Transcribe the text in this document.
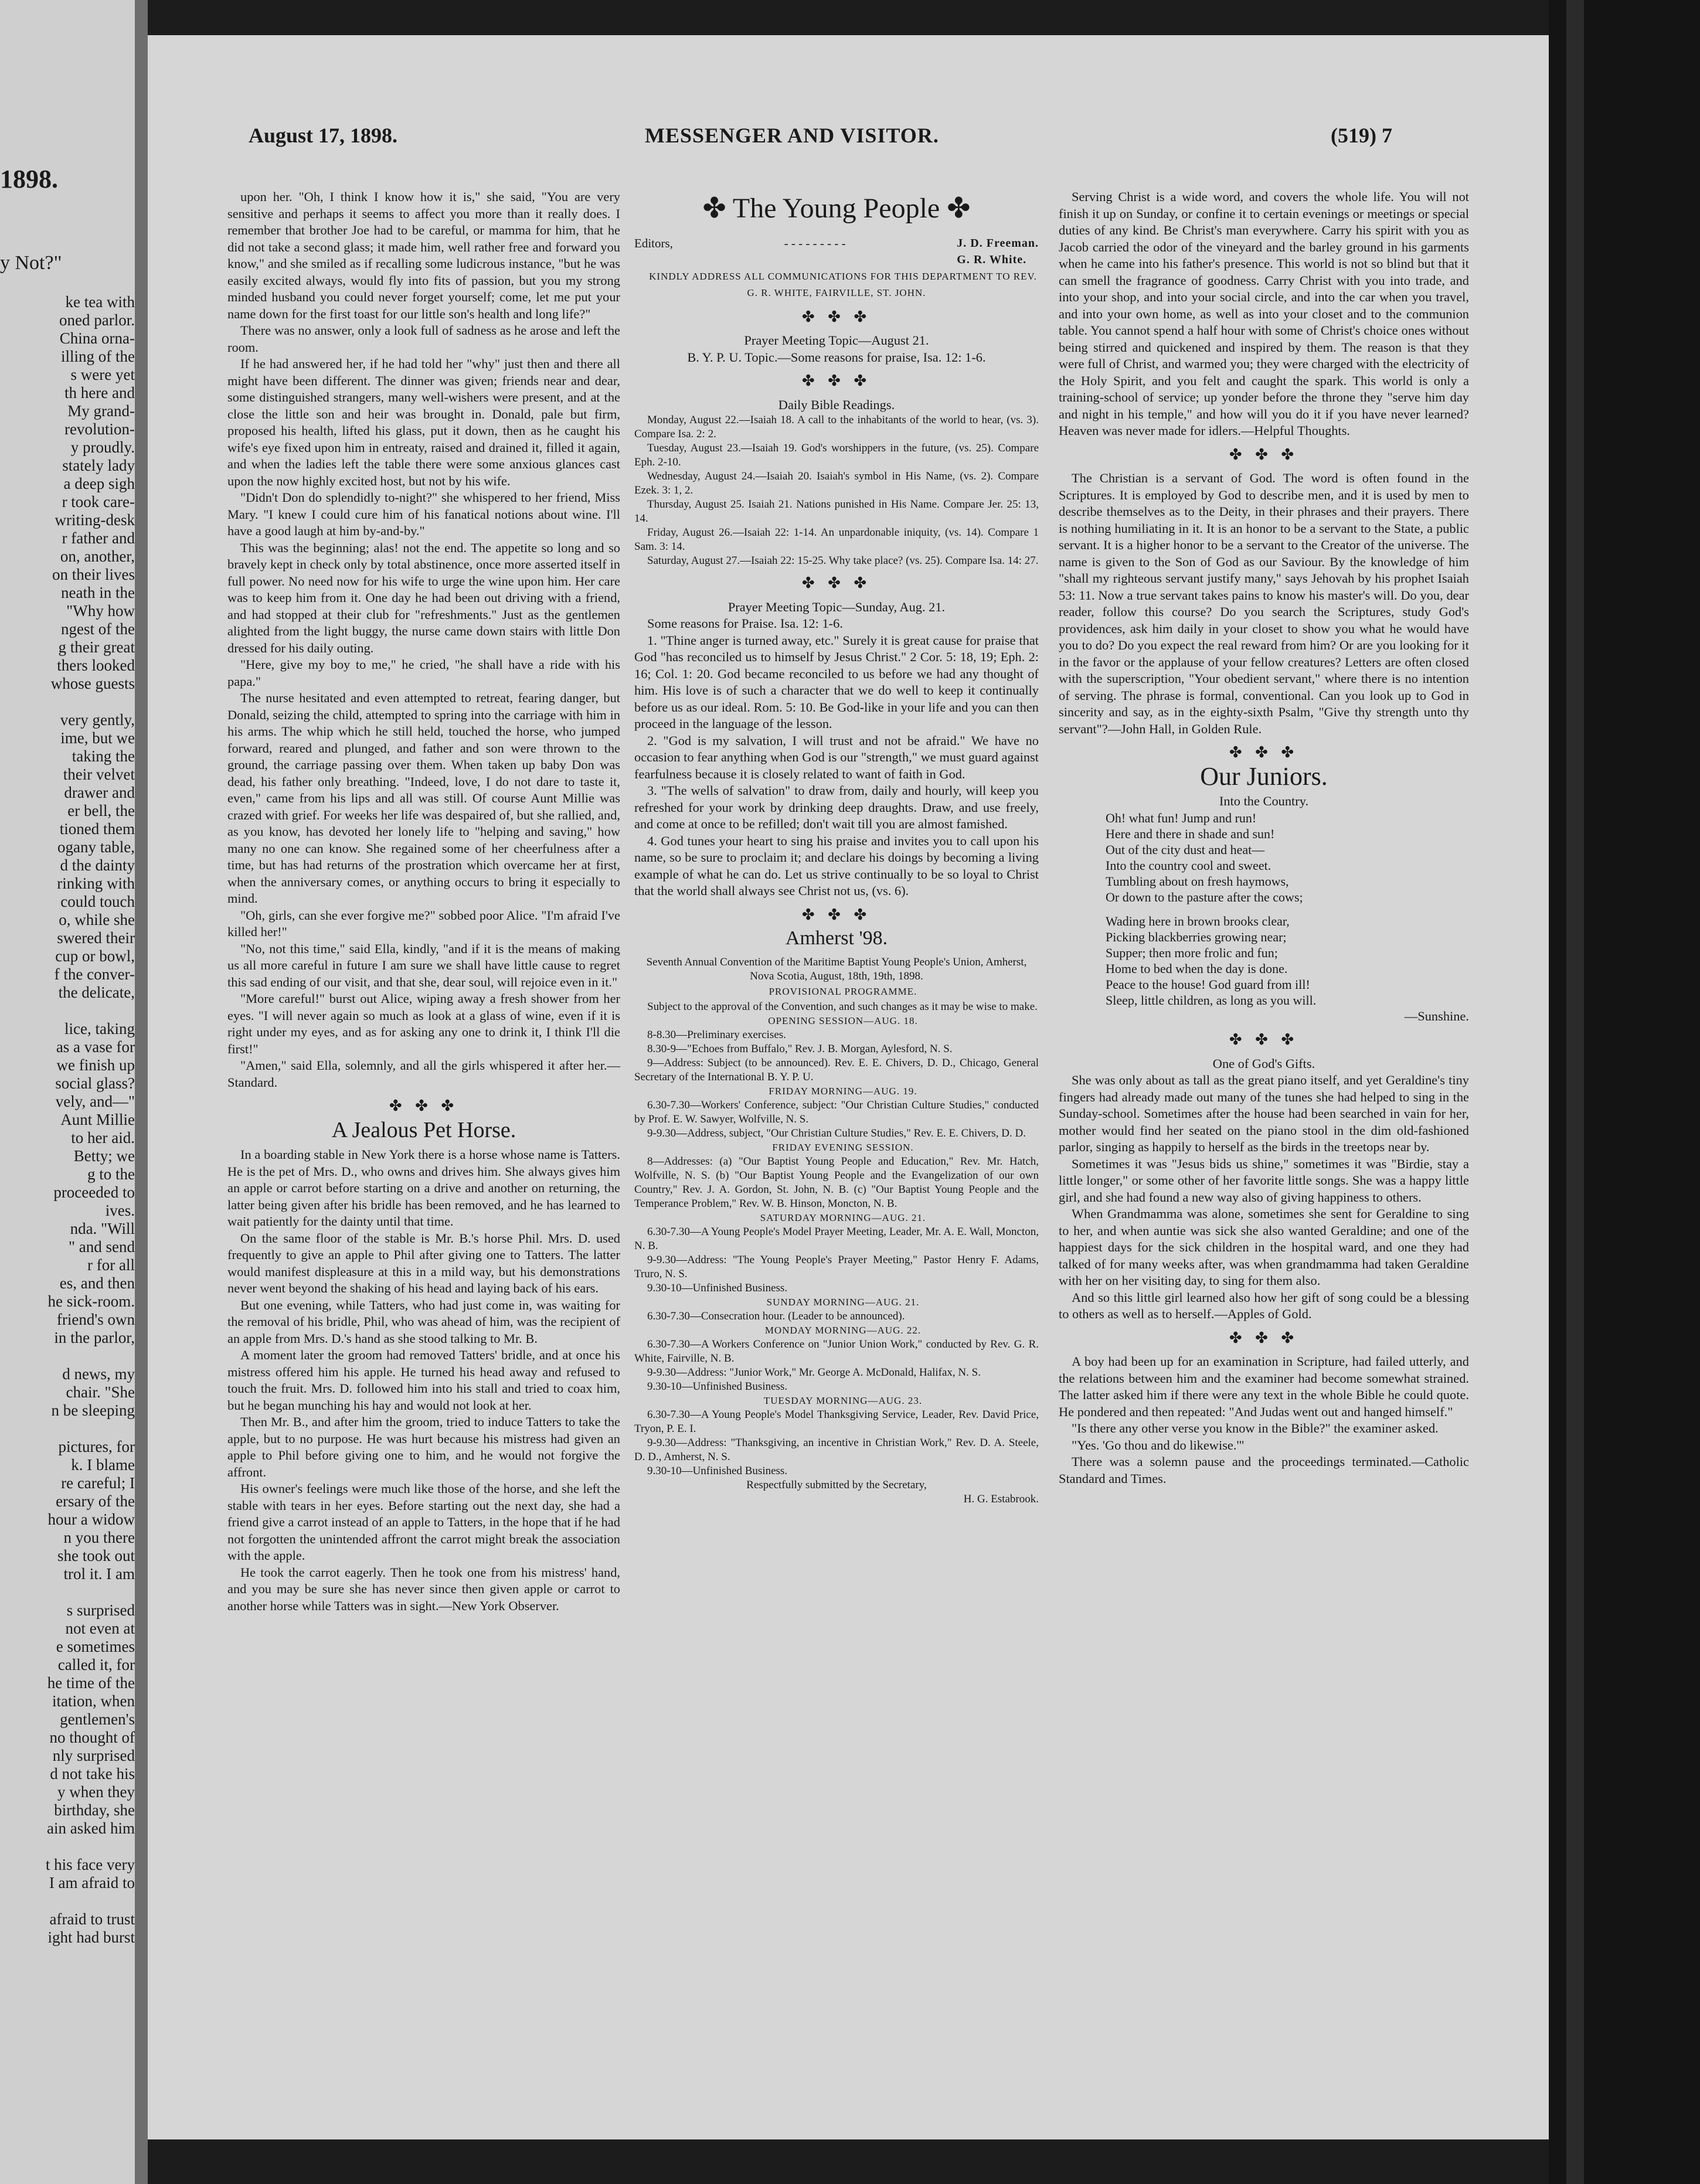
1898.
y Not?"
ke tea with
oned parlor.
China orna-
illing of the
s were yet
th here and
My grand-
revolution-
y proudly.
stately lady
a deep sigh
r took care-
writing-desk
r father and
on, another,
on their lives
neath in the
"Why how
ngest of the
g their great
thers looked
whose guests

very gently,
ime, but we
taking the
their velvet
drawer and
er bell, the
tioned them
ogany table,
d the dainty
rinking with
could touch
o, while she
swered their
cup or bowl,
f the conver-
the delicate,

lice, taking
as a vase for
we finish up
social glass?
vely, and—"
Aunt Millie
to her aid.
Betty; we
g to the
proceeded to
ives.
nda. "Will
" and send
r for all
es, and then
he sick-room.
friend's own
in the parlor,

d news, my
chair. "She
n be sleeping

pictures, for
k. I blame
re careful; I
ersary of the
hour a widow
n you there
she took out
trol it. I am

s surprised
not even at
e sometimes
called it, for
he time of the
itation, when
gentlemen's
no thought of
nly surprised
d not take his
y when they
birthday, she
ain asked him

t his face very
I am afraid to

afraid to trust
ight had burst
August 17, 1898.	MESSENGER AND VISITOR.	(519) 7

upon her. "Oh, I think I know how it is," she said, "You are very sensitive and perhaps it seems to affect you more than it really does. I remember that brother Joe had to be careful, or mamma for him, that he did not take a second glass; it made him, well rather free and forward you know," and she smiled as if recalling some ludicrous instance, "but he was easily excited always, would fly into fits of passion, but you my strong minded husband you could never forget yourself; come, let me put your name down for the first toast for our little son's health and long life?"

There was no answer, only a look full of sadness as he arose and left the room.

If he had answered her, if he had told her "why" just then and there all might have been different. The dinner was given; friends near and dear, some distinguished strangers, many well-wishers were present, and at the close the little son and heir was brought in. Donald, pale but firm, proposed his health, lifted his glass, put it down, then as he caught his wife's eye fixed upon him in entreaty, raised and drained it, filled it again, and when the ladies left the table there were some anxious glances cast upon the now highly excited host, but not by his wife.

"Didn't Don do splendidly to-night?" she whispered to her friend, Miss Mary. "I knew I could cure him of his fanatical notions about wine. I'll have a good laugh at him by-and-by."

This was the beginning; alas! not the end. The appetite so long and so bravely kept in check only by total abstinence, once more asserted itself in full power. No need now for his wife to urge the wine upon him. Her care was to keep him from it. One day he had been out driving with a friend, and had stopped at their club for "refreshments." Just as the gentlemen alighted from the light buggy, the nurse came down stairs with little Don dressed for his daily outing.

"Here, give my boy to me," he cried, "he shall have a ride with his papa."

The nurse hesitated and even attempted to retreat, fearing danger, but Donald, seizing the child, attempted to spring into the carriage with him in his arms. The whip which he still held, touched the horse, who jumped forward, reared and plunged, and father and son were thrown to the ground, the carriage passing over them. When taken up baby Don was dead, his father only breathing. "Indeed, love, I do not dare to taste it, even," came from his lips and all was still. Of course Aunt Millie was crazed with grief. For weeks her life was despaired of, but she rallied, and, as you know, has devoted her lonely life to "helping and saving," how many no one can know. She regained some of her cheerfulness after a time, but has had returns of the prostration which overcame her at first, when the anniversary comes, or anything occurs to bring it especially to mind.

"Oh, girls, can she ever forgive me?" sobbed poor Alice. "I'm afraid I've killed her!"

"No, not this time," said Ella, kindly, "and if it is the means of making us all more careful in future I am sure we shall have little cause to regret this sad ending of our visit, and that she, dear soul, will rejoice even in it."

"More careful!" burst out Alice, wiping away a fresh shower from her eyes. "I will never again so much as look at a glass of wine, even if it is right under my eyes, and as for asking any one to drink it, I think I'll die first!"

"Amen," said Ella, solemnly, and all the girls whispered it after her.—Standard.

✤ ✤ ✤
A Jealous Pet Horse.

In a boarding stable in New York there is a horse whose name is Tatters. He is the pet of Mrs. D., who owns and drives him. She always gives him an apple or carrot before starting on a drive and another on returning, the latter being given after his bridle has been removed, and he has learned to wait patiently for the dainty until that time.

On the same floor of the stable is Mr. B.'s horse Phil. Mrs. D. used frequently to give an apple to Phil after giving one to Tatters. The latter would manifest displeasure at this in a mild way, but his demonstrations never went beyond the shaking of his head and laying back of his ears.

But one evening, while Tatters, who had just come in, was waiting for the removal of his bridle, Phil, who was ahead of him, was the recipient of an apple from Mrs. D.'s hand as she stood talking to Mr. B.

A moment later the groom had removed Tatters' bridle, and at once his mistress offered him his apple. He turned his head away and refused to touch the fruit. Mrs. D. followed him into his stall and tried to coax him, but he began munching his hay and would not look at her.

Then Mr. B., and after him the groom, tried to induce Tatters to take the apple, but to no purpose. He was hurt because his mistress had given an apple to Phil before giving one to him, and he would not forgive the affront.

His owner's feelings were much like those of the horse, and she left the stable with tears in her eyes. Before starting out the next day, she had a friend give a carrot instead of an apple to Tatters, in the hope that if he had not forgotten the unintended affront the carrot might break the association with the apple.

He took the carrot eagerly. Then he took one from his mistress' hand, and you may be sure she has never since then given apple or carrot to another horse while Tatters was in sight.—New York Observer.

✤ The Young People ✤
Editors,	- - - - - - - - -	J. D. Freeman.
G. R. White.

KINDLY ADDRESS ALL COMMUNICATIONS FOR THIS DEPARTMENT TO REV. G. R. WHITE, FAIRVILLE, ST. JOHN.

✤ ✤ ✤

Prayer Meeting Topic—August 21.

B. Y. P. U. Topic.—Some reasons for praise, Isa. 12: 1-6.

✤ ✤ ✤

Daily Bible Readings.

Monday, August 22.—Isaiah 18. A call to the inhabitants of the world to hear, (vs. 3). Compare Isa. 2: 2.

Tuesday, August 23.—Isaiah 19. God's worshippers in the future, (vs. 25). Compare Eph. 2-10.

Wednesday, August 24.—Isaiah 20. Isaiah's symbol in His Name, (vs. 2). Compare Ezek. 3: 1, 2.

Thursday, August 25. Isaiah 21. Nations punished in His Name. Compare Jer. 25: 13, 14.

Friday, August 26.—Isaiah 22: 1-14. An unpardonable iniquity, (vs. 14). Compare 1 Sam. 3: 14.

Saturday, August 27.—Isaiah 22: 15-25. Why take place? (vs. 25). Compare Isa. 14: 27.

✤ ✤ ✤

Prayer Meeting Topic—Sunday, Aug. 21.

Some reasons for Praise. Isa. 12: 1-6.

1. "Thine anger is turned away, etc." Surely it is great cause for praise that God "has reconciled us to himself by Jesus Christ." 2 Cor. 5: 18, 19; Eph. 2: 16; Col. 1: 20. God became reconciled to us before we had any thought of him. His love is of such a character that we do well to keep it continually before us as our ideal. Rom. 5: 10. Be God-like in your life and you can then proceed in the language of the lesson.

2. "God is my salvation, I will trust and not be afraid." We have no occasion to fear anything when God is our "strength," we must guard against fearfulness because it is closely related to want of faith in God.

3. "The wells of salvation" to draw from, daily and hourly, will keep you refreshed for your work by drinking deep draughts. Draw, and use freely, and come at once to be refilled; don't wait till you are almost famished.

4. God tunes your heart to sing his praise and invites you to call upon his name, so be sure to proclaim it; and declare his doings by becoming a living example of what he can do. Let us strive continually to be so loyal to Christ that the world shall always see Christ not us, (vs. 6).

✤ ✤ ✤
Amherst '98.

Seventh Annual Convention of the Maritime Baptist Young People's Union, Amherst, Nova Scotia, August, 18th, 19th, 1898.

PROVISIONAL PROGRAMME.

Subject to the approval of the Convention, and such changes as it may be wise to make.

OPENING SESSION—AUG. 18.

8-8.30—Preliminary exercises.

8.30-9—"Echoes from Buffalo," Rev. J. B. Morgan, Aylesford, N. S.

9—Address: Subject (to be announced). Rev. E. E. Chivers, D. D., Chicago, General Secretary of the International B. Y. P. U.

FRIDAY MORNING—AUG. 19.

6.30-7.30—Workers' Conference, subject: "Our Christian Culture Studies," conducted by Prof. E. W. Sawyer, Wolfville, N. S.

9-9.30—Address, subject, "Our Christian Culture Studies," Rev. E. E. Chivers, D. D.

FRIDAY EVENING SESSION.

8—Addresses: (a) "Our Baptist Young People and Education," Rev. Mr. Hatch, Wolfville, N. S. (b) "Our Baptist Young People and the Evangelization of our own Country," Rev. J. A. Gordon, St. John, N. B. (c) "Our Baptist Young People and the Temperance Problem," Rev. W. B. Hinson, Moncton, N. B.

SATURDAY MORNING—AUG. 21.

6.30-7.30—A Young People's Model Prayer Meeting, Leader, Mr. A. E. Wall, Moncton, N. B.

9-9.30—Address: "The Young People's Prayer Meeting," Pastor Henry F. Adams, Truro, N. S.

9.30-10—Unfinished Business.

SUNDAY MORNING—AUG. 21.

6.30-7.30—Consecration hour. (Leader to be announced).

MONDAY MORNING—AUG. 22.

6.30-7.30—A Workers Conference on "Junior Union Work," conducted by Rev. G. R. White, Fairville, N. B.

9-9.30—Address: "Junior Work," Mr. George A. McDonald, Halifax, N. S.

9.30-10—Unfinished Business.

TUESDAY MORNING—AUG. 23.

6.30-7.30—A Young People's Model Thanksgiving Service, Leader, Rev. David Price, Tryon, P. E. I.

9-9.30—Address: "Thanksgiving, an incentive in Christian Work," Rev. D. A. Steele, D. D., Amherst, N. S.

9.30-10—Unfinished Business.

Respectfully submitted by the Secretary,

H. G. Estabrook.

Serving Christ is a wide word, and covers the whole life. You will not finish it up on Sunday, or confine it to certain evenings or meetings or special duties of any kind. Be Christ's man everywhere. Carry his spirit with you as Jacob carried the odor of the vineyard and the barley ground in his garments when he came into his father's presence. This world is not so blind but that it can smell the fragrance of goodness. Carry Christ with you into trade, and into your shop, and into your social circle, and into the car when you travel, and into your own home, as well as into your closet and to the communion table. You cannot spend a half hour with some of Christ's choice ones without being stirred and quickened and inspired by them. The reason is that they were full of Christ, and warmed you; they were charged with the electricity of the Holy Spirit, and you felt and caught the spark. This world is only a training-school of service; up yonder before the throne they "serve him day and night in his temple," and how will you do it if you have never learned? Heaven was never made for idlers.—Helpful Thoughts.

✤ ✤ ✤

The Christian is a servant of God. The word is often found in the Scriptures. It is employed by God to describe men, and it is used by men to describe themselves as to the Deity, in their phrases and their prayers. There is nothing humiliating in it. It is an honor to be a servant to the State, a public servant. It is a higher honor to be a servant to the Creator of the universe. The name is given to the Son of God as our Saviour. By the knowledge of him "shall my righteous servant justify many," says Jehovah by his prophet Isaiah 53: 11. Now a true servant takes pains to know his master's will. Do you, dear reader, follow this course? Do you search the Scriptures, study God's providences, ask him daily in your closet to show you what he would have you to do? Do you expect the real reward from him? Or are you looking for it in the favor or the applause of your fellow creatures? Letters are often closed with the superscription, "Your obedient servant," where there is no intention of serving. The phrase is formal, conventional. Can you look up to God in sincerity and say, as in the eighty-sixth Psalm, "Give thy strength unto thy servant"?—John Hall, in Golden Rule.

✤ ✤ ✤
Our Juniors.

Into the Country.

Oh! what fun! Jump and run!
Here and there in shade and sun!
Out of the city dust and heat—
Into the country cool and sweet.
Tumbling about on fresh haymows,
Or down to the pasture after the cows;
Wading here in brown brooks clear,
Picking blackberries growing near;
Supper; then more frolic and fun;
Home to bed when the day is done.
Peace to the house! God guard from ill!
Sleep, little children, as long as you will.

—Sunshine.

✤ ✤ ✤

One of God's Gifts.

She was only about as tall as the great piano itself, and yet Geraldine's tiny fingers had already made out many of the tunes she had helped to sing in the Sunday-school. Sometimes after the house had been searched in vain for her, mother would find her seated on the piano stool in the dim old-fashioned parlor, singing as happily to herself as the birds in the treetops near by.

Sometimes it was "Jesus bids us shine," sometimes it was "Birdie, stay a little longer," or some other of her favorite little songs. She was a happy little girl, and she had found a new way also of giving happiness to others.

When Grandmamma was alone, sometimes she sent for Geraldine to sing to her, and when auntie was sick she also wanted Geraldine; and one of the happiest days for the sick children in the hospital ward, and one they had talked of for many weeks after, was when grandmamma had taken Geraldine with her on her visiting day, to sing for them also.

And so this little girl learned also how her gift of song could be a blessing to others as well as to herself.—Apples of Gold.

✤ ✤ ✤

A boy had been up for an examination in Scripture, had failed utterly, and the relations between him and the examiner had become somewhat strained. The latter asked him if there were any text in the whole Bible he could quote. He pondered and then repeated: "And Judas went out and hanged himself."

"Is there any other verse you know in the Bible?" the examiner asked.

"Yes. 'Go thou and do likewise.'"

There was a solemn pause and the proceedings terminated.—Catholic Standard and Times.
